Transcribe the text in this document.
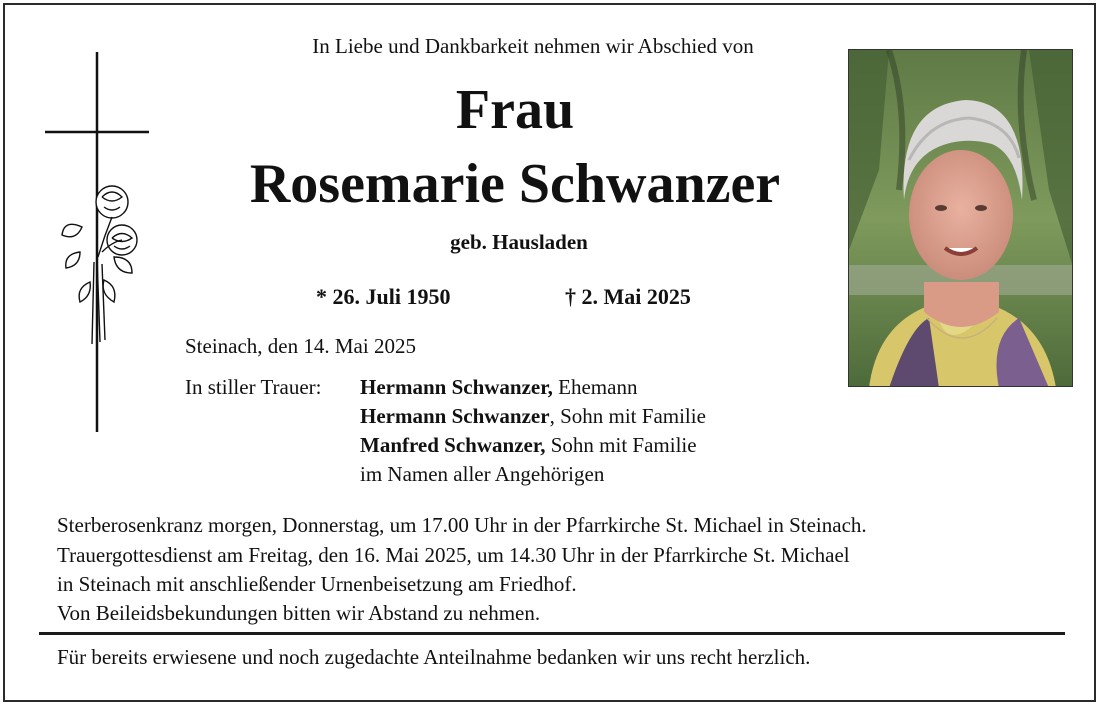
In Liebe und Dankbarkeit nehmen wir Abschied von
Frau
Rosemarie Schwanzer
geb. Hausladen
* 26. Juli 1950	† 2. Mai 2025
Steinach, den 14. Mai 2025
In stiller Trauer: Hermann Schwanzer, Ehemann
Hermann Schwanzer, Sohn mit Familie
Manfred Schwanzer, Sohn mit Familie
im Namen aller Angehörigen
Sterberosenkranz morgen, Donnerstag, um 17.00 Uhr in der Pfarrkirche St. Michael in Steinach.
Trauergottesdienst am Freitag, den 16. Mai 2025, um 14.30 Uhr in der Pfarrkirche St. Michael
in Steinach mit anschließender Urnenbeisetzung am Friedhof.
Von Beileidsbekundungen bitten wir Abstand zu nehmen.
Für bereits erwiesene und noch zugedachte Anteilnahme bedanken wir uns recht herzlich.
